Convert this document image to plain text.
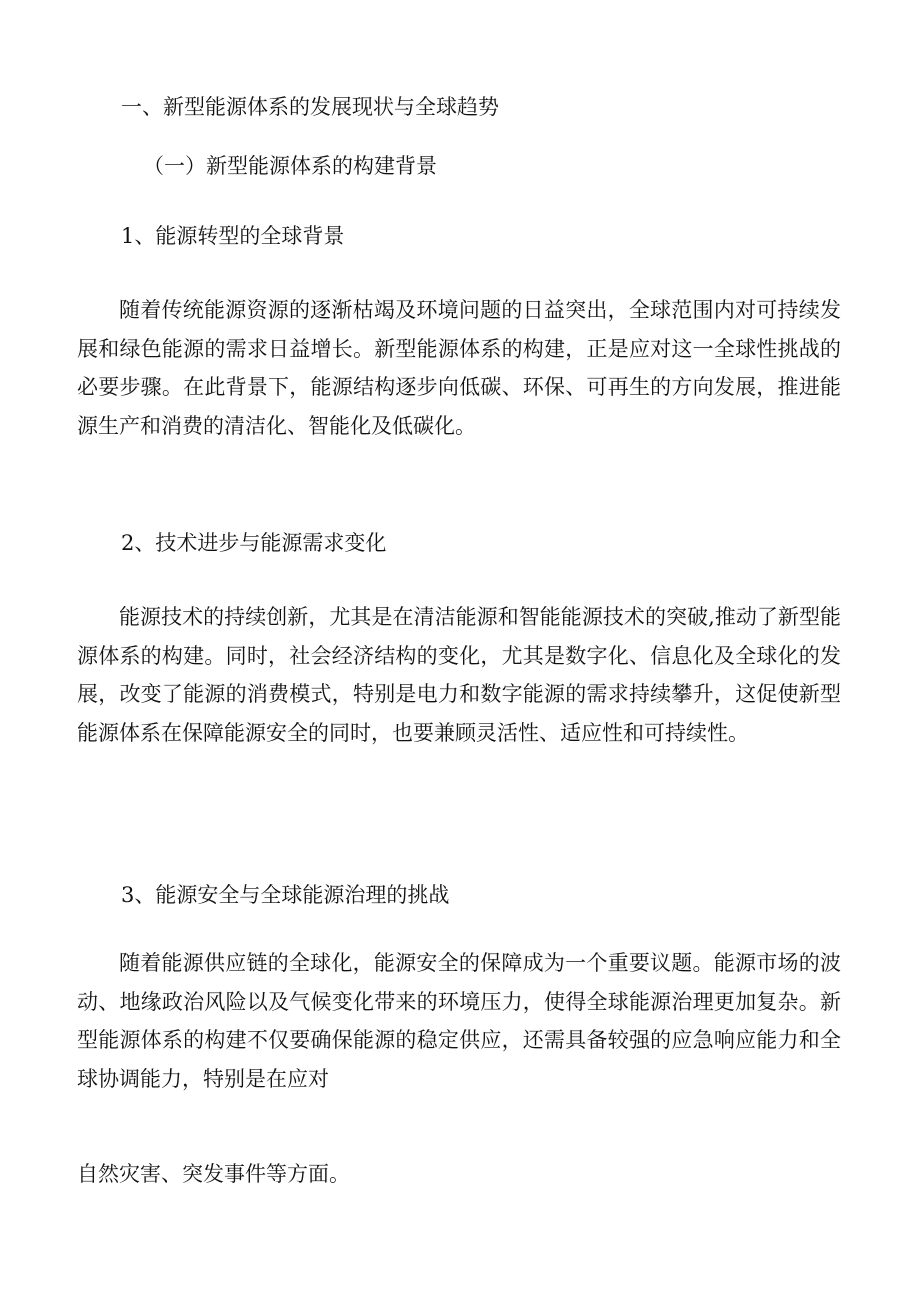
一、新型能源体系的发展现状与全球趋势
（一）新型能源体系的构建背景
1、能源转型的全球背景

随着传统能源资源的逐渐枯竭及环境问题的日益突出，全球范围内对可持续发展和绿色能源的需求日益增长。新型能源体系的构建，正是应对这一全球性挑战的必要步骤。在此背景下，能源结构逐步向低碳、环保、可再生的方向发展，推进能源生产和消费的清洁化、智能化及低碳化。

2、技术进步与能源需求变化

能源技术的持续创新，尤其是在清洁能源和智能能源技术的突破,推动了新型能源体系的构建。同时，社会经济结构的变化，尤其是数字化、信息化及全球化的发展，改变了能源的消费模式，特别是电力和数字能源的需求持续攀升，这促使新型能源体系在保障能源安全的同时，也要兼顾灵活性、适应性和可持续性。

3、能源安全与全球能源治理的挑战

随着能源供应链的全球化，能源安全的保障成为一个重要议题。能源市场的波动、地缘政治风险以及气候变化带来的环境压力，使得全球能源治理更加复杂。新型能源体系的构建不仅要确保能源的稳定供应，还需具备较强的应急响应能力和全球协调能力，特别是在应对

自然灾害、突发事件等方面。
